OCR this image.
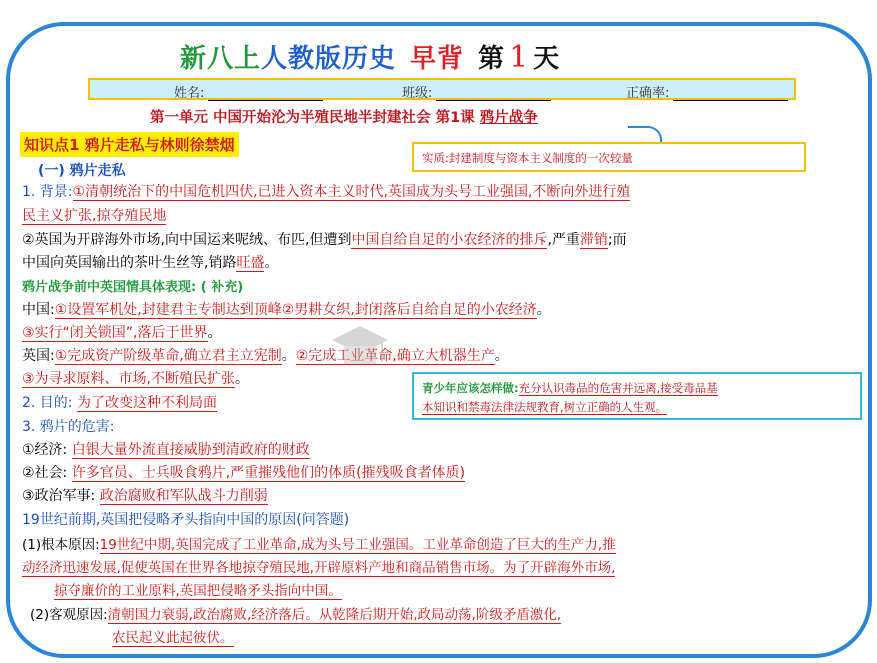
新八上人教版历史 早背 第 1 天
姓名:	班级:	正确率:
第一单元 中国开始沦为半殖民地半封建社会 第1课 鸦片战争
知识点1 鸦片走私与林则徐禁烟
实质:封建制度与资本主义制度的一次较量
(一) 鸦片走私
1. 背景:①清朝统治下的中国危机四伏,已进入资本主义时代,英国成为头号工业强国,不断向外进行殖
民主义扩张,掠夺殖民地
②英国为开辟海外市场,向中国运来呢绒、布匹,但遭到中国自给自足的小农经济的排斥,严重滞销;而
中国向英国输出的茶叶生丝等,销路旺盛。
鸦片战争前中英国情具体表现: ( 补充)
中国:①设置军机处,封建君主专制达到顶峰②男耕女织,封闭落后自给自足的小农经济。
③实行“闭关锁国”,落后于世界。
英国:①完成资产阶级革命,确立君主立宪制。②完成工业革命,确立大机器生产。
③为寻求原料、市场,不断殖民扩张。
青少年应该怎样做:充分认识毒品的危害并远离,接受毒品基
本知识和禁毒法律法规教育,树立正确的人生观。
2. 目的: 为了改变这种不利局面
3. 鸦片的危害:
①经济: 白银大量外流直接威胁到清政府的财政
②社会: 许多官员、士兵吸食鸦片,严重摧残他们的体质(摧残吸食者体质)
③政治军事: 政治腐败和军队战斗力削弱
19世纪前期,英国把侵略矛头指向中国的原因(问答题)
(1)根本原因:19世纪中期,英国完成了工业革命,成为头号工业强国。工业革命创造了巨大的生产力,推
动经济迅速发展,促使英国在世界各地掠夺殖民地,开辟原料产地和商品销售市场。为了开辟海外市场,
掠夺廉价的工业原料,英国把侵略矛头指向中国。
(2)客观原因:清朝国力衰弱,政治腐败,经济落后。从乾隆后期开始,政局动荡,阶级矛盾激化,
农民起义此起彼伏。
